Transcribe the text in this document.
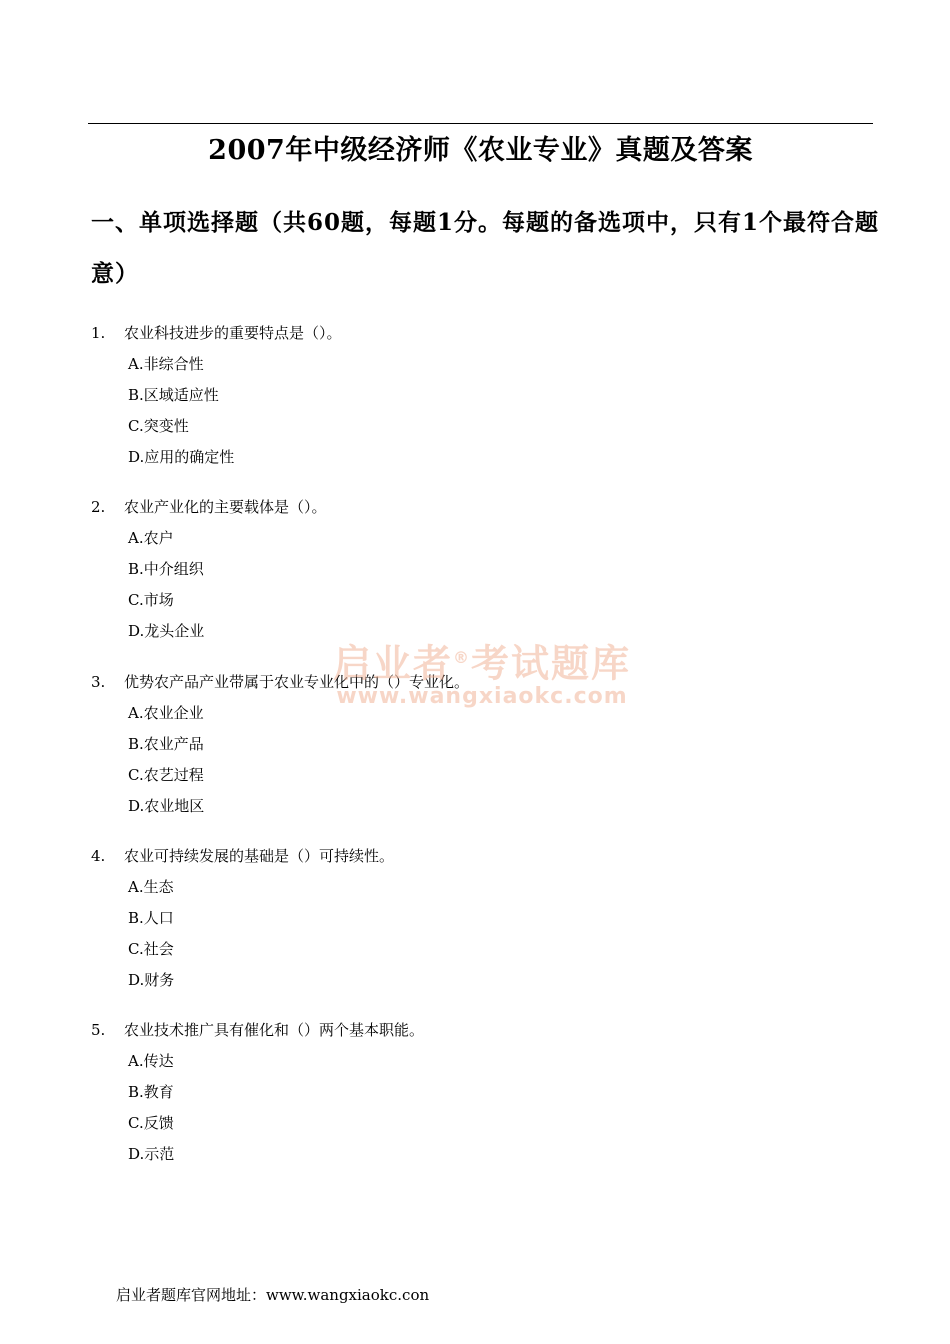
2007年中级经济师《农业专业》真题及答案
一、单项选择题（共60题，每题1分。每题的备选项中，只有1个最符合题意）
1. 农业科技进步的重要特点是（）。
A.非综合性
B.区域适应性
C.突变性
D.应用的确定性
2. 农业产业化的主要载体是（）。
A.农户
B.中介组织
C.市场
D.龙头企业
3. 优势农产品产业带属于农业专业化中的（）专业化。
A.农业企业
B.农业产品
C.农艺过程
D.农业地区
4. 农业可持续发展的基础是（）可持续性。
A.生态
B.人口
C.社会
D.财务
5. 农业技术推广具有催化和（）两个基本职能。
A.传达
B.教育
C.反馈
D.示范
启业者®考试题库
www.wangxiaokc.com
启业者题库官网地址：www.wangxiaokc.con
